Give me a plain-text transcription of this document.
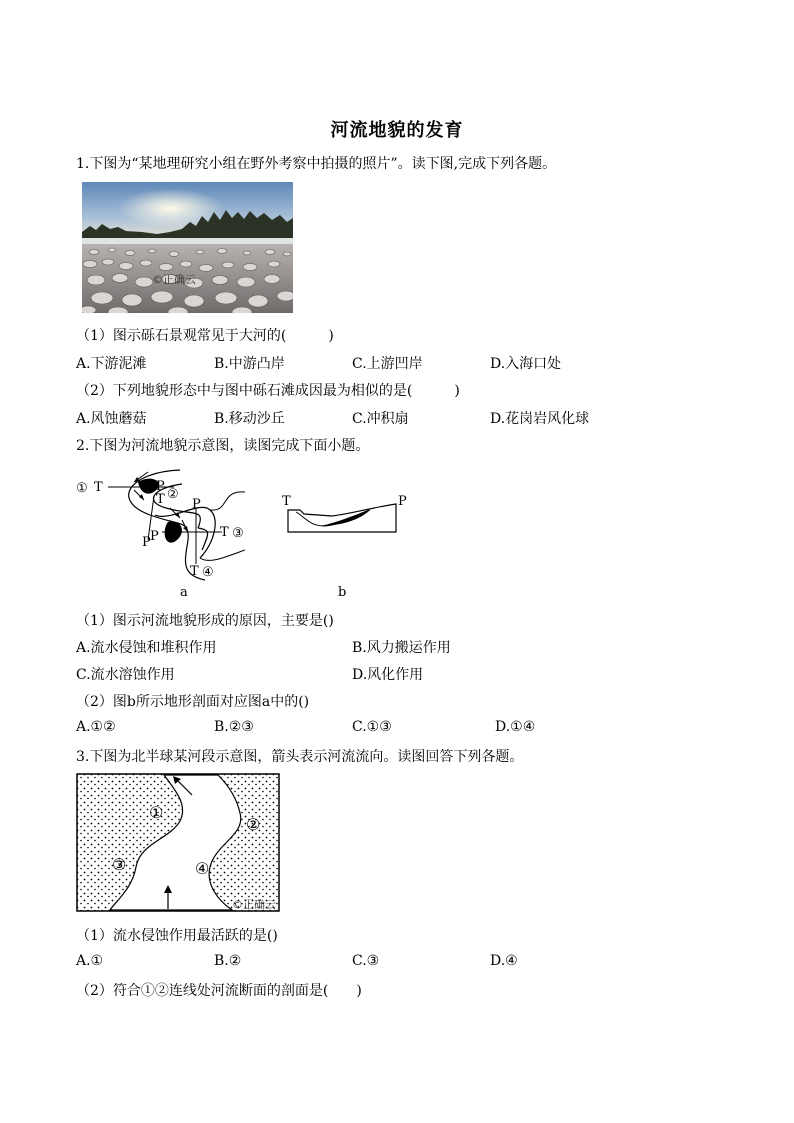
河流地貌的发育
1.下图为“某地理研究小组在野外考察中拍摄的照片”。读下图,完成下列各题。
©正确云
（1）图示砾石景观常见于大河的(　　　)
A.下游泥滩	B.中游凸岸	C.上游凹岸	D.入海口处
（2）下列地貌形态中与图中砾石滩成因最为相似的是(　　　)
A.风蚀蘑菇	B.移动沙丘	C.冲积扇	D.花岗岩风化球
2.下图为河流地貌示意图，读图完成下面小题。
① T	P
T ②
P
P
P
T ③
T ④
a
T	P
b
（1）图示河流地貌形成的原因，主要是()
A.流水侵蚀和堆积作用	B.风力搬运作用
C.流水溶蚀作用	D.风化作用
（2）图b所示地形剖面对应图a中的()
A.①②	B.②③	C.①③	D.①④
3.下图为北半球某河段示意图，箭头表示河流流向。读图回答下列各题。
①
②
③	④
©正确云
（1）流水侵蚀作用最活跃的是()
A.①	B.②	C.③	D.④
（2）符合①②连线处河流断面的剖面是(　　)
